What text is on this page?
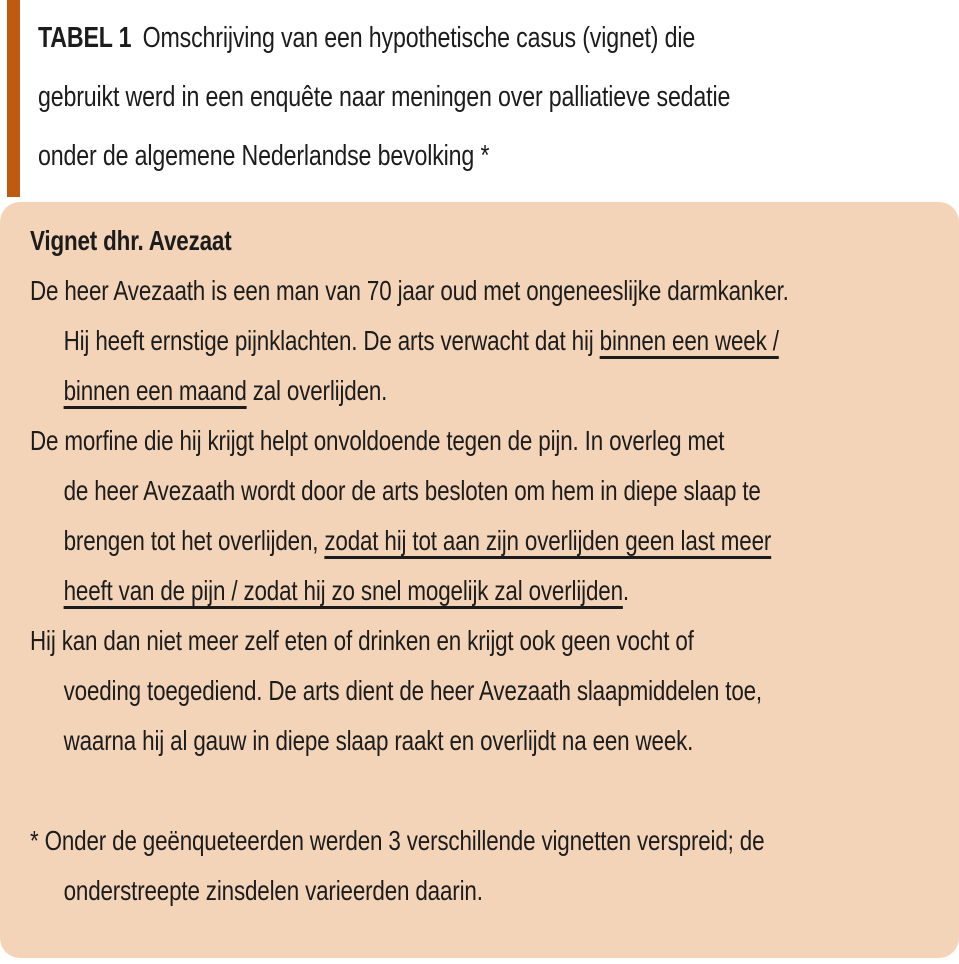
TABEL 1 Omschrijving van een hypothetische casus (vignet) die
gebruikt werd in een enquête naar meningen over palliatieve sedatie
onder de algemene Nederlandse bevolking *

Vignet dhr. Avezaat

De heer Avezaath is een man van 70 jaar oud met ongeneeslijke darmkanker.
Hij heeft ernstige pijnklachten. De arts verwacht dat hij binnen een week /
binnen een maand zal overlijden.

De morfine die hij krijgt helpt onvoldoende tegen de pijn. In overleg met
de heer Avezaath wordt door de arts besloten om hem in diepe slaap te
brengen tot het overlijden, zodat hij tot aan zijn overlijden geen last meer
heeft van de pijn / zodat hij zo snel mogelijk zal overlijden.

Hij kan dan niet meer zelf eten of drinken en krijgt ook geen vocht of
voeding toegediend. De arts dient de heer Avezaath slaapmiddelen toe,
waarna hij al gauw in diepe slaap raakt en overlijdt na een week.

* Onder de geënqueteerden werden 3 verschillende vignetten verspreid; de
onderstreepte zinsdelen varieerden daarin.
